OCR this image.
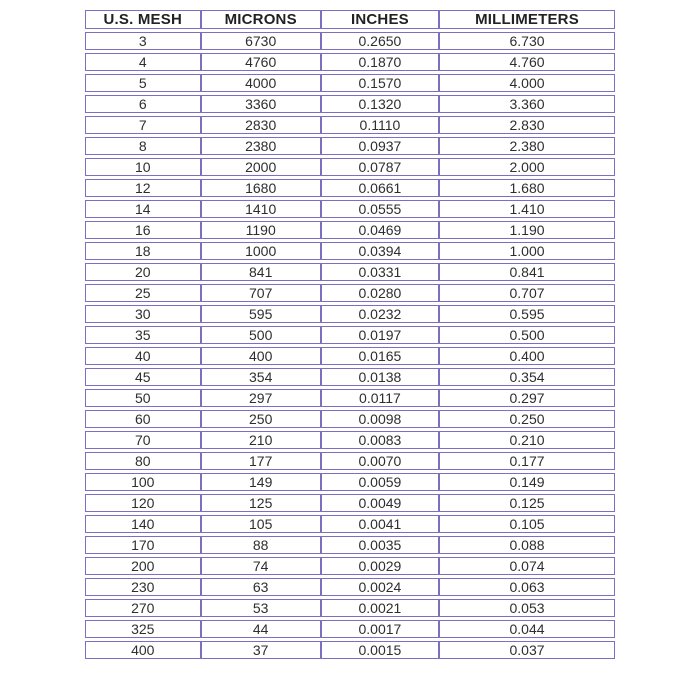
U.S. MESH	MICRONS	INCHES	MILLIMETERS
3	6730	0.2650	6.730
4	4760	0.1870	4.760
5	4000	0.1570	4.000
6	3360	0.1320	3.360
7	2830	0.1110	2.830
8	2380	0.0937	2.380
10	2000	0.0787	2.000
12	1680	0.0661	1.680
14	1410	0.0555	1.410
16	1190	0.0469	1.190
18	1000	0.0394	1.000
20	841	0.0331	0.841
25	707	0.0280	0.707
30	595	0.0232	0.595
35	500	0.0197	0.500
40	400	0.0165	0.400
45	354	0.0138	0.354
50	297	0.0117	0.297
60	250	0.0098	0.250
70	210	0.0083	0.210
80	177	0.0070	0.177
100	149	0.0059	0.149
120	125	0.0049	0.125
140	105	0.0041	0.105
170	88	0.0035	0.088
200	74	0.0029	0.074
230	63	0.0024	0.063
270	53	0.0021	0.053
325	44	0.0017	0.044
400	37	0.0015	0.037
